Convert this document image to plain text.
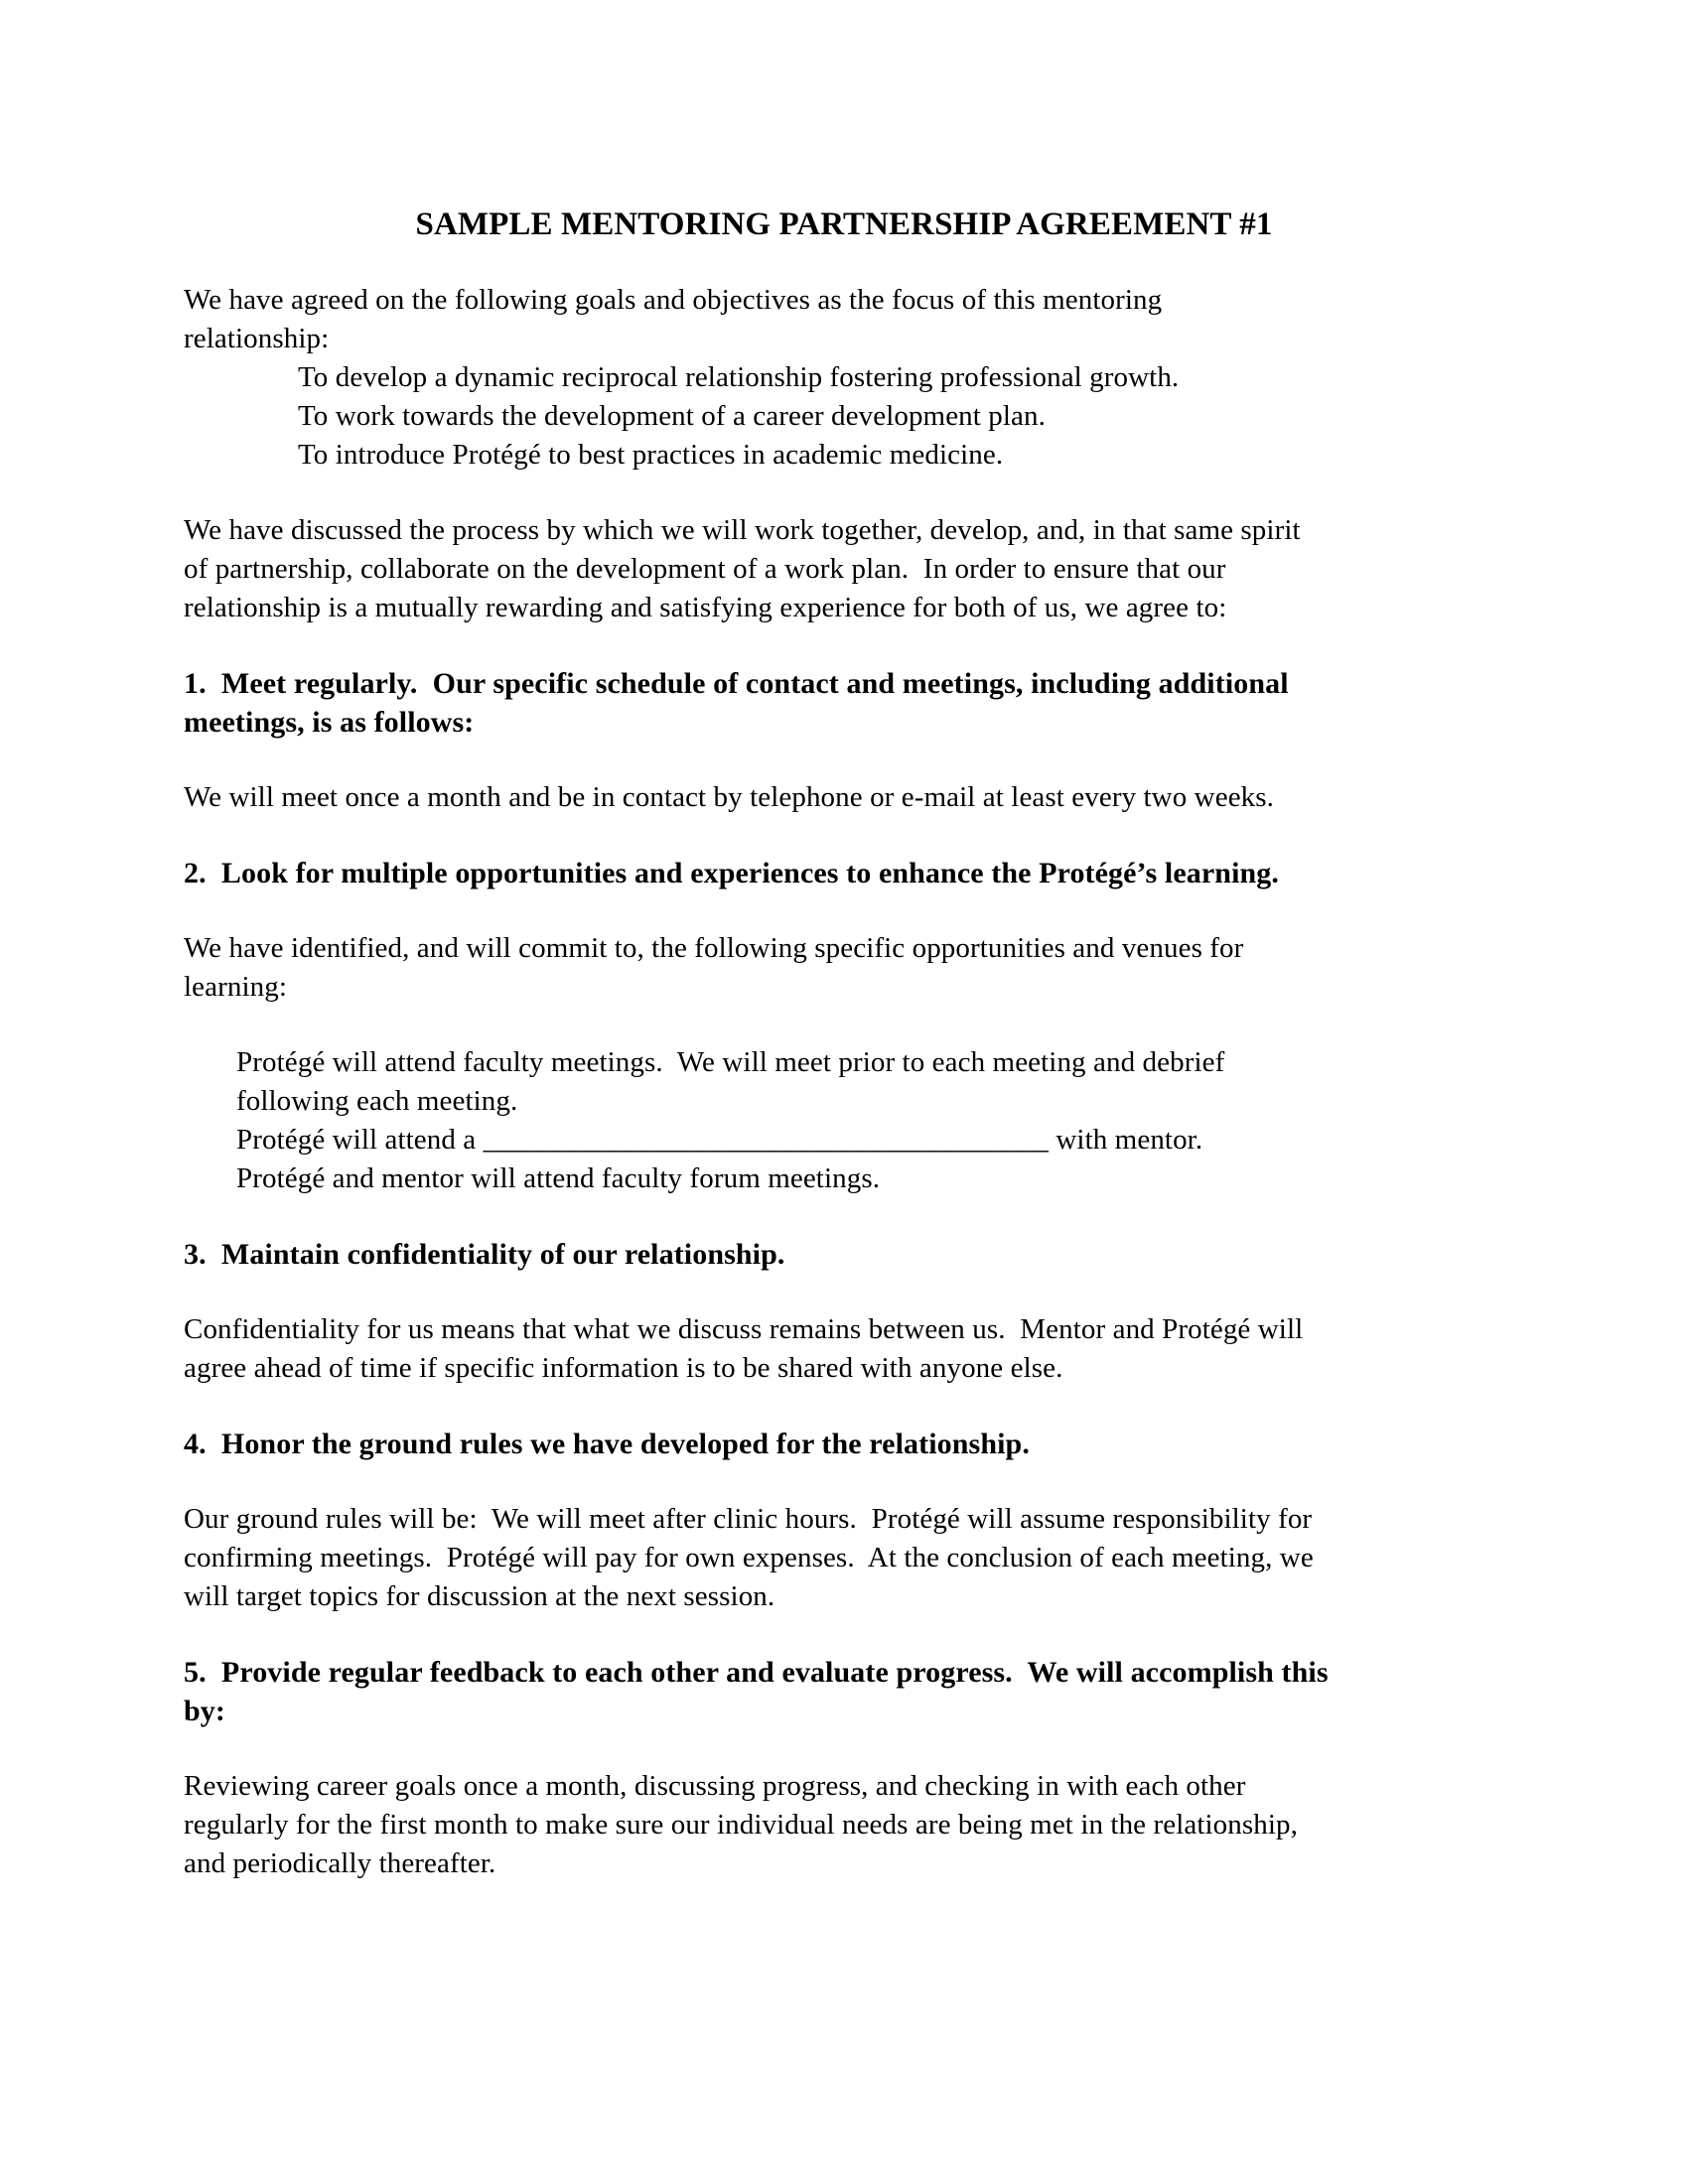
SAMPLE MENTORING PARTNERSHIP AGREEMENT #1
We have agreed on the following goals and objectives as the focus of this mentoring
relationship:
To develop a dynamic reciprocal relationship fostering professional growth.
To work towards the development of a career development plan.
To introduce Protégé to best practices in academic medicine.
We have discussed the process by which we will work together, develop, and, in that same spirit
of partnership, collaborate on the development of a work plan.  In order to ensure that our
relationship is a mutually rewarding and satisfying experience for both of us, we agree to:
1.  Meet regularly.  Our specific schedule of contact and meetings, including additional
meetings, is as follows:
We will meet once a month and be in contact by telephone or e-mail at least every two weeks.
2.  Look for multiple opportunities and experiences to enhance the Protégé’s learning.
We have identified, and will commit to, the following specific opportunities and venues for
learning:
Protégé will attend faculty meetings.  We will meet prior to each meeting and debrief
following each meeting.
Protégé will attend a _______________________________________ with mentor.
Protégé and mentor will attend faculty forum meetings.
3.  Maintain confidentiality of our relationship.
Confidentiality for us means that what we discuss remains between us.  Mentor and Protégé will
agree ahead of time if specific information is to be shared with anyone else.
4.  Honor the ground rules we have developed for the relationship.
Our ground rules will be:  We will meet after clinic hours.  Protégé will assume responsibility for
confirming meetings.  Protégé will pay for own expenses.  At the conclusion of each meeting, we
will target topics for discussion at the next session.
5.  Provide regular feedback to each other and evaluate progress.  We will accomplish this
by:
Reviewing career goals once a month, discussing progress, and checking in with each other
regularly for the first month to make sure our individual needs are being met in the relationship,
and periodically thereafter.
